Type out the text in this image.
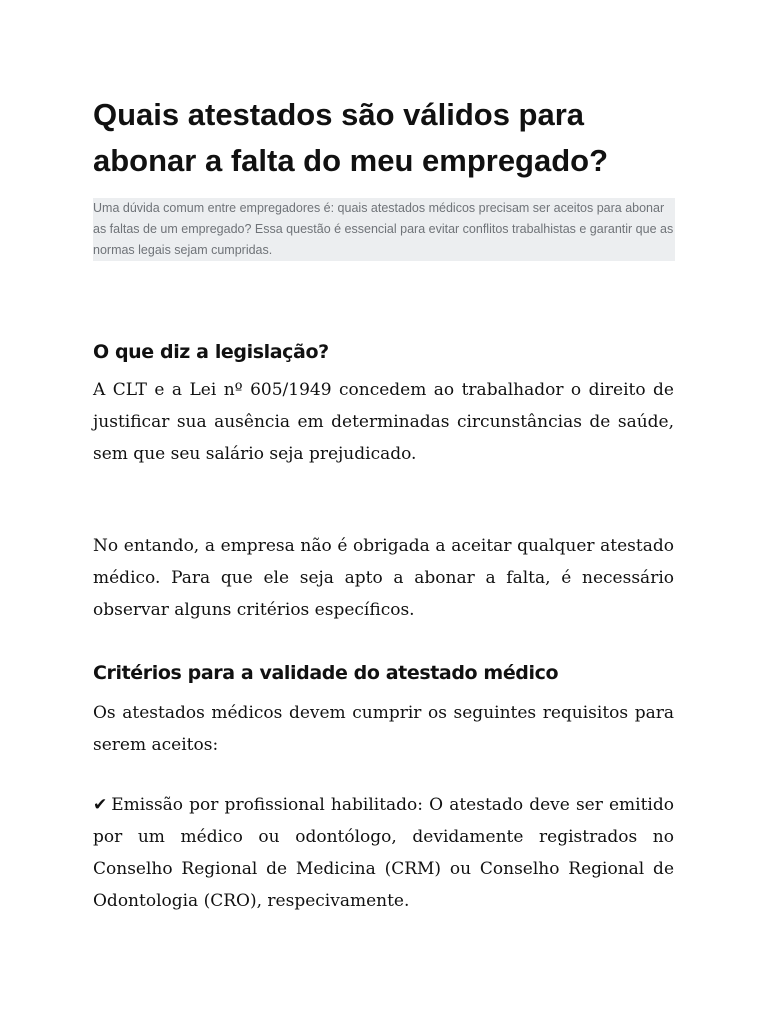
Quais atestados são válidos para abonar a falta do meu empregado?

Uma dúvida comum entre empregadores é: quais atestados médicos precisam ser aceitos para abonar as faltas de um empregado? Essa questão é essencial para evitar conflitos trabalhistas e garantir que as normas legais sejam cumpridas.

O que diz a legislação?

A CLT e a Lei nº 605/1949 concedem ao trabalhador o direito de justificar sua ausência em determinadas circunstâncias de saúde, sem que seu salário seja prejudicado.

No entando, a empresa não é obrigada a aceitar qualquer atestado médico. Para que ele seja apto a abonar a falta, é necessário observar alguns critérios específicos.

Critérios para a validade do atestado médico

Os atestados médicos devem cumprir os seguintes requisitos para serem aceitos:

✔ Emissão por profissional habilitado: O atestado deve ser emitido por um médico ou odontólogo, devidamente registrados no Conselho Regional de Medicina (CRM) ou Conselho Regional de Odontologia (CRO), respecivamente.
